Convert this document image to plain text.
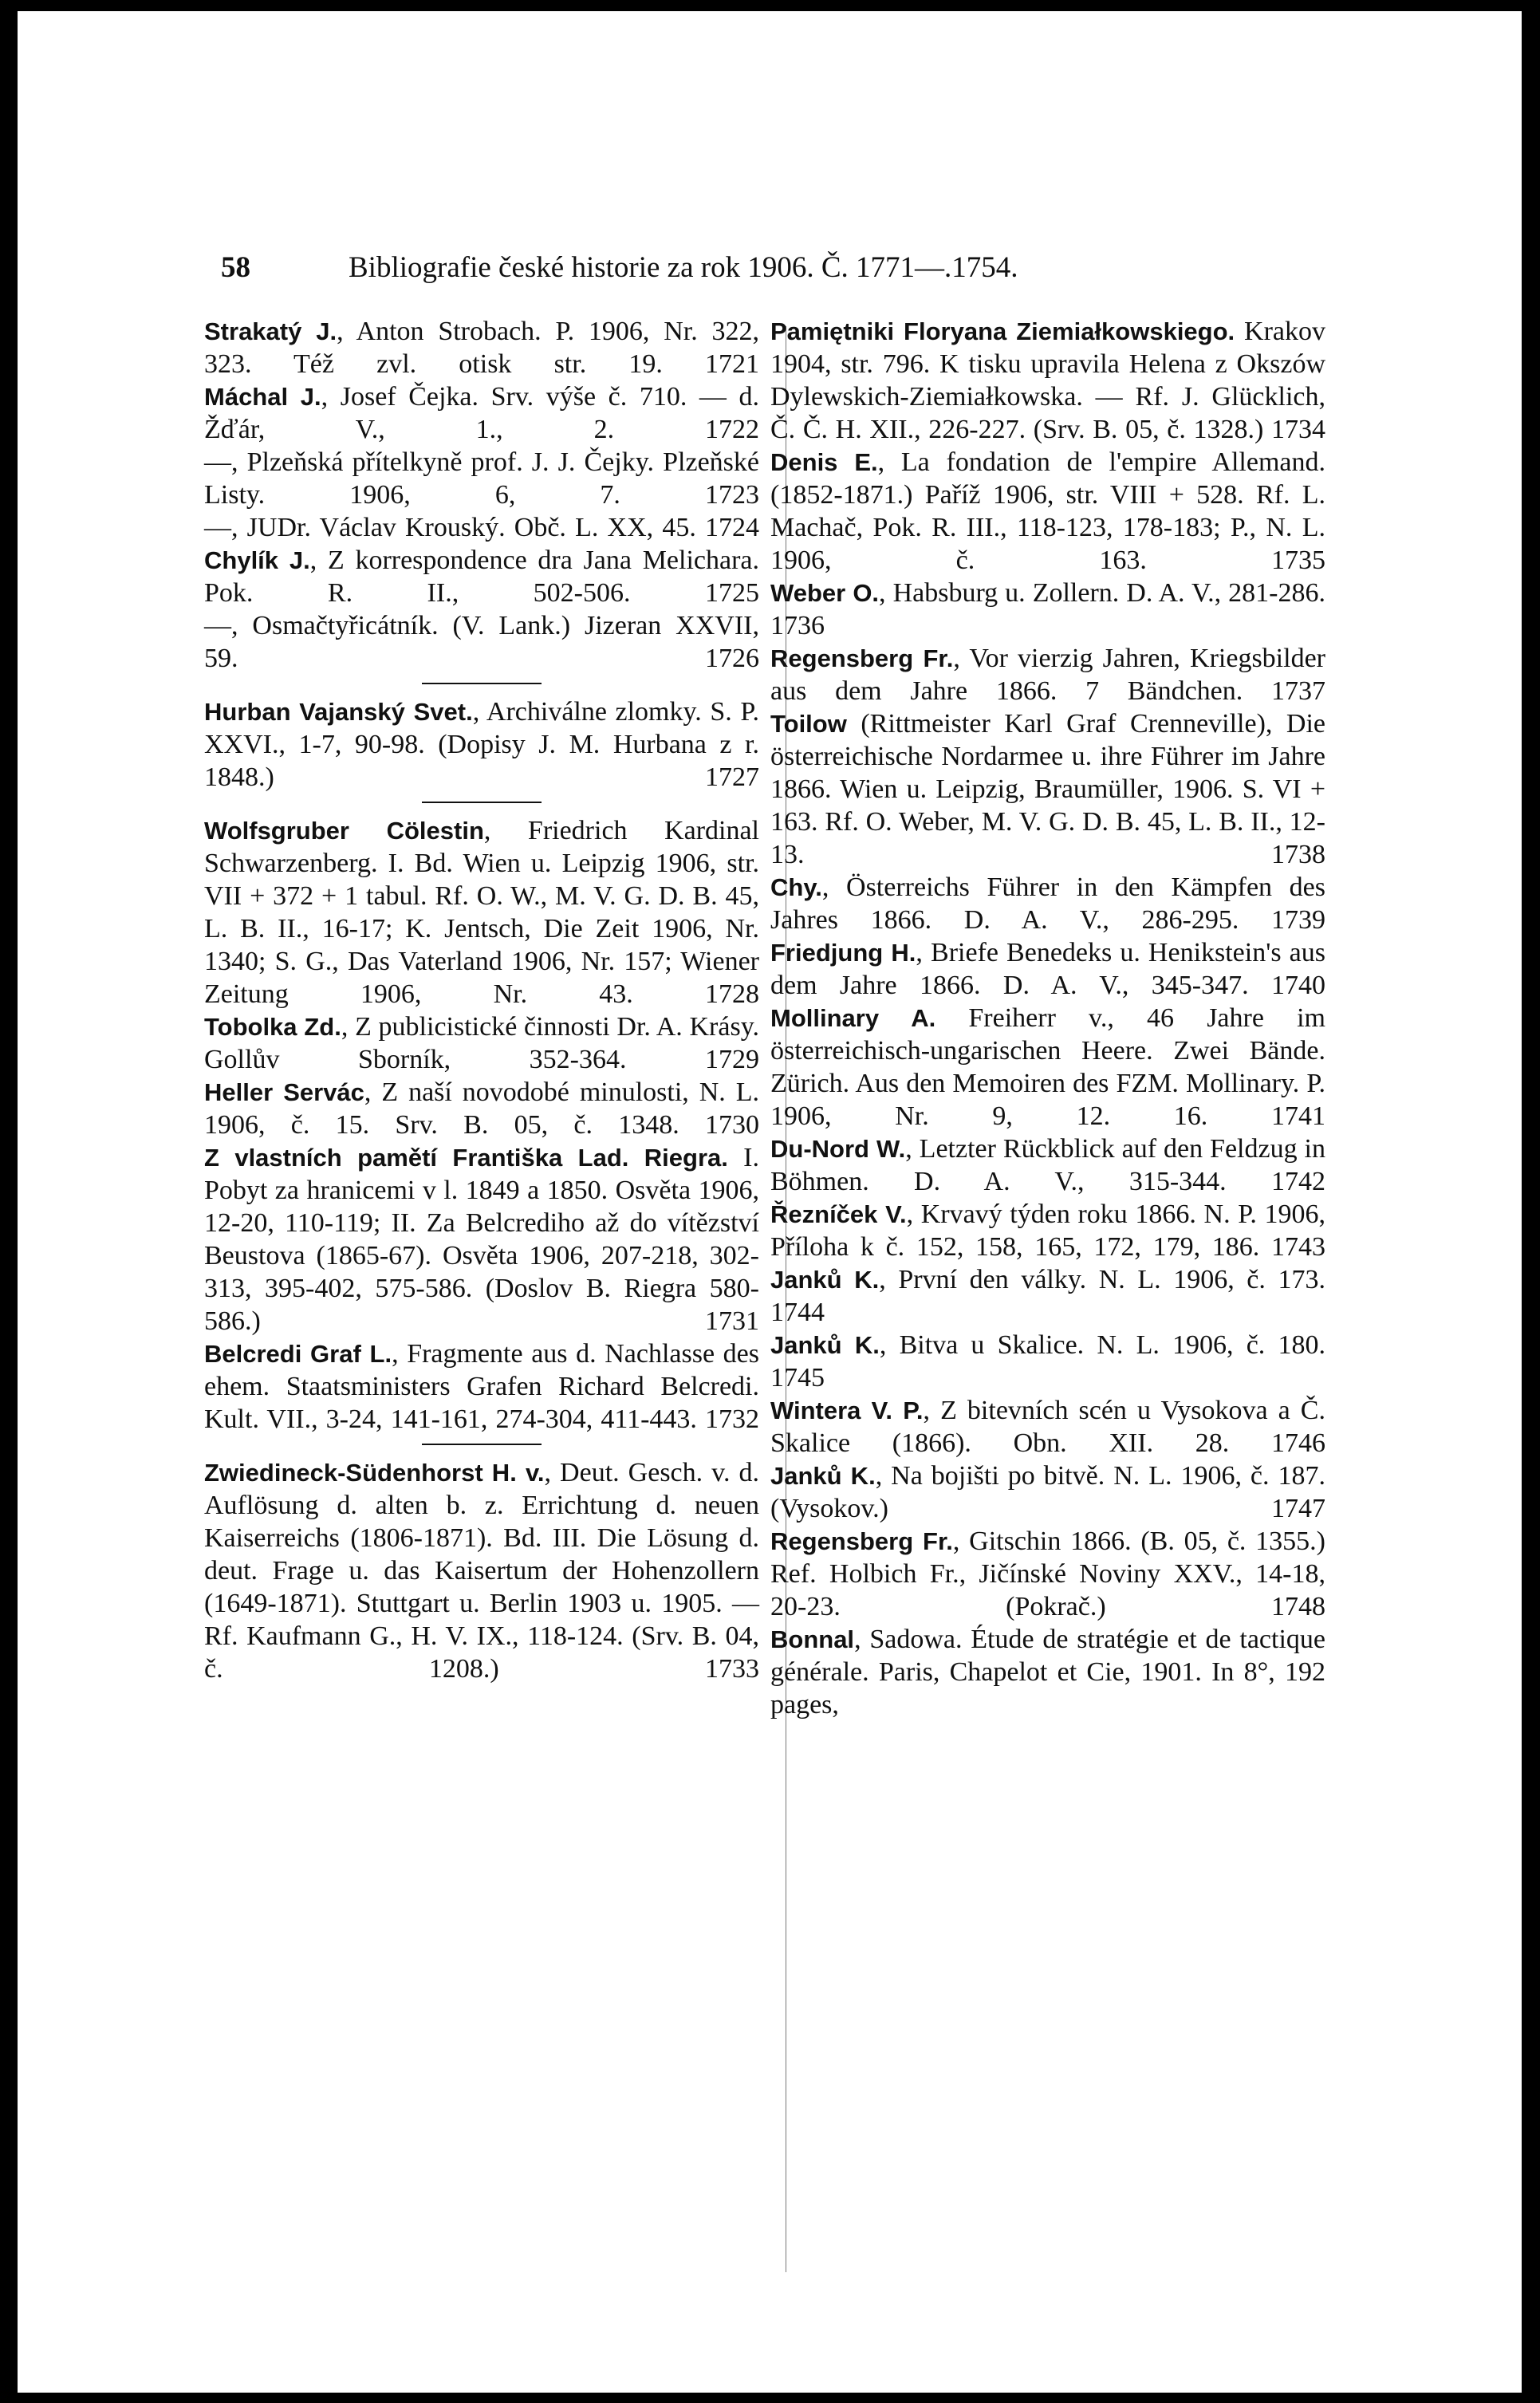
58	Bibliografie české historie za rok 1906. Č. 1771—.1754.
Strakatý J., Anton Strobach. P. 1906, Nr. 322, 323. Též zvl. otisk str. 19. 1721
Máchal J., Josef Čejka. Srv. výše č. 710. — d. Žďár, V., 1., 2.	1722
—, Plzeňská přítelkyně prof. J. J. Čejky. Plzeňské Listy. 1906, 6, 7.	1723
—, JUDr. Václav Krouský. Obč. L. XX, 45. 1724
Chylík J., Z korrespondence dra Jana Melichara. Pok. R. II., 502-506.	1725
—, Osmačtyřicátník. (V. Lank.) Jizeran XXVII, 59.	1726
Hurban Vajanský Svet., Archiválne zlomky. S. P. XXVI., 1-7, 90-98. (Dopisy J. M. Hurbana z r. 1848.)	1727
Wolfsgruber Cölestin, Friedrich Kardinal Schwarzenberg. I. Bd. Wien u. Leipzig 1906, str. VII + 372 + 1 tabul. Rf. O. W., M. V. G. D. B. 45, L. B. II., 16-17; K. Jentsch, Die Zeit 1906, Nr. 1340; S. G., Das Vaterland 1906, Nr. 157; Wiener Zeitung 1906, Nr. 43.	1728
Tobolka Zd., Z publicistické činnosti Dr. A. Krásy. Gollův Sborník, 352-364.	1729
Heller Servác, Z naší novodobé minulosti, N. L. 1906, č. 15. Srv. B. 05, č. 1348. 1730
Z vlastních pamětí Františka Lad. Riegra. I. Pobyt za hranicemi v l. 1849 a 1850. Osvěta 1906, 12-20, 110-119; II. Za Belcrediho až do vítězství Beustova (1865-67). Osvěta 1906, 207-218, 302-313, 395-402, 575-586. (Doslov B. Riegra 580-586.)	1731
Belcredi Graf L., Fragmente aus d. Nachlasse des ehem. Staatsministers Grafen Richard Belcredi. Kult. VII., 3-24, 141-161, 274-304, 411-443. 1732
Zwiedineck-Südenhorst H. v., Deut. Gesch. v. d. Auflösung d. alten b. z. Errichtung d. neuen Kaiserreichs (1806-1871). Bd. III. Die Lösung d. deut. Frage u. das Kaisertum der Hohenzollern (1649-1871). Stuttgart u. Berlin 1903 u. 1905. — Rf. Kaufmann G., H. V. IX., 118-124. (Srv. B. 04, č. 1208.)	1733
Pamiętniki Floryana Ziemiałkowskiego. Krakov 1904, str. 796. K tisku upravila Helena z Okszów Dylewskich-Ziemiałkowska. — Rf. J. Glücklich, Č. Č. H. XII., 226-227. (Srv. B. 05, č. 1328.) 1734
Denis E., La fondation de l'empire Allemand. (1852-1871.) Paříž 1906, str. VIII + 528. Rf. L. Machač, Pok. R. III., 118-123, 178-183; P., N. L. 1906, č. 163.	1735
Weber O., Habsburg u. Zollern. D. A. V., 281-286. 1736
Regensberg Fr., Vor vierzig Jahren, Kriegsbilder aus dem Jahre 1866. 7 Bändchen. 1737
Toilow (Rittmeister Karl Graf Crenneville), Die österreichische Nordarmee u. ihre Führer im Jahre 1866. Wien u. Leipzig, Braumüller, 1906. S. VI + 163. Rf. O. Weber, M. V. G. D. B. 45, L. B. II., 12-13.	1738
Chy., Österreichs Führer in den Kämpfen des Jahres 1866. D. A. V., 286-295. 1739
Friedjung H., Briefe Benedeks u. Henikstein's aus dem Jahre 1866. D. A. V., 345-347. 1740
Mollinary A. Freiherr v., 46 Jahre im österreichisch-ungarischen Heere. Zwei Bände. Zürich. Aus den Memoiren des FZM. Mollinary. P. 1906, Nr. 9, 12. 16. 1741
Du-Nord W., Letzter Rückblick auf den Feldzug in Böhmen. D. A. V., 315-344. 1742
Řezníček V., Krvavý týden roku 1866. N. P. 1906, Příloha k č. 152, 158, 165, 172, 179, 186. 1743
Janků K., První den války. N. L. 1906, č. 173. 1744
Janků K., Bitva u Skalice. N. L. 1906, č. 180. 1745
Wintera V. P., Z bitevních scén u Vysokova a Č. Skalice (1866). Obn. XII. 28. 1746
Janků K., Na bojišti po bitvě. N. L. 1906, č. 187. (Vysokov.)	1747
Regensberg Fr., Gitschin 1866. (B. 05, č. 1355.) Ref. Holbich Fr., Jičínské Noviny XXV., 14-18, 20-23. (Pokrač.)	1748
Bonnal, Sadowa. Étude de stratégie et de tactique générale. Paris, Chapelot et Cie, 1901. In 8°, 192 pages,
